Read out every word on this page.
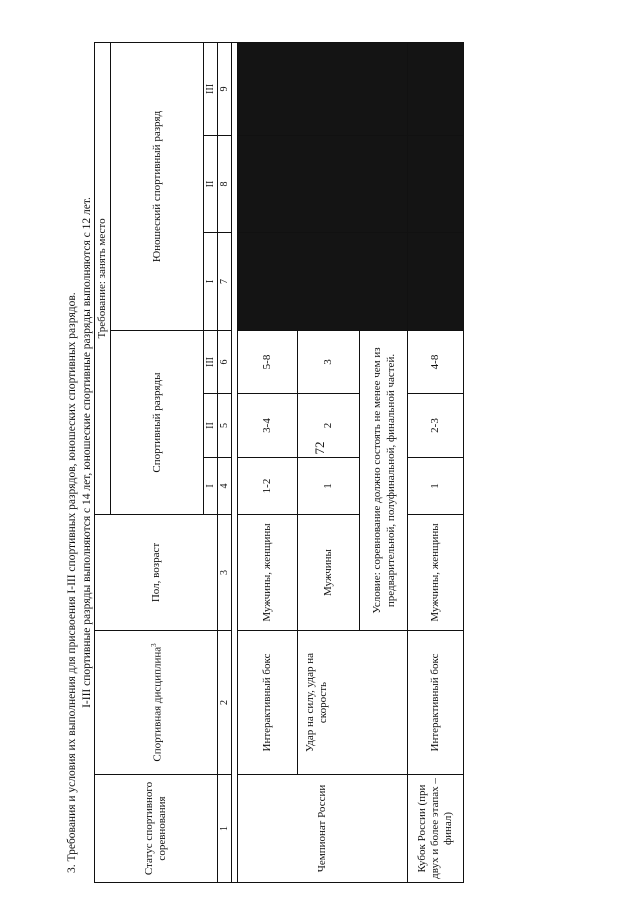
72
3. Требования и условия их выполнения для присвоения I-III спортивных разрядов, юношеских спортивных разрядов. I-III спортивные разряды выполняются с 14 лет, юношеские спортивные разряды выполняются с 12 лет.
Статус спортивного соревнования	Спортивная дисциплина$^3$	Пол, возраст	Требование: занять место					
			Спортивный разряды			Юношеский спортивный разряд		
			I	II	III	I	II	III
1	2	3	4	5	6	7	8	9

Чемпионат России	Интерактивный бокс	Мужчины, женщины	1-2	3-4	5-8			
	Удар на силу, удар на скорость	Мужчины	1	2	3			
		Условие: соревнование должно состоять не менее чем из предварительной, полуфинальной, финальной частей.						
Кубок России (при двух и более этапах – финал)	Интерактивный бокс	Мужчины, женщины	1	2-3	4-8			
